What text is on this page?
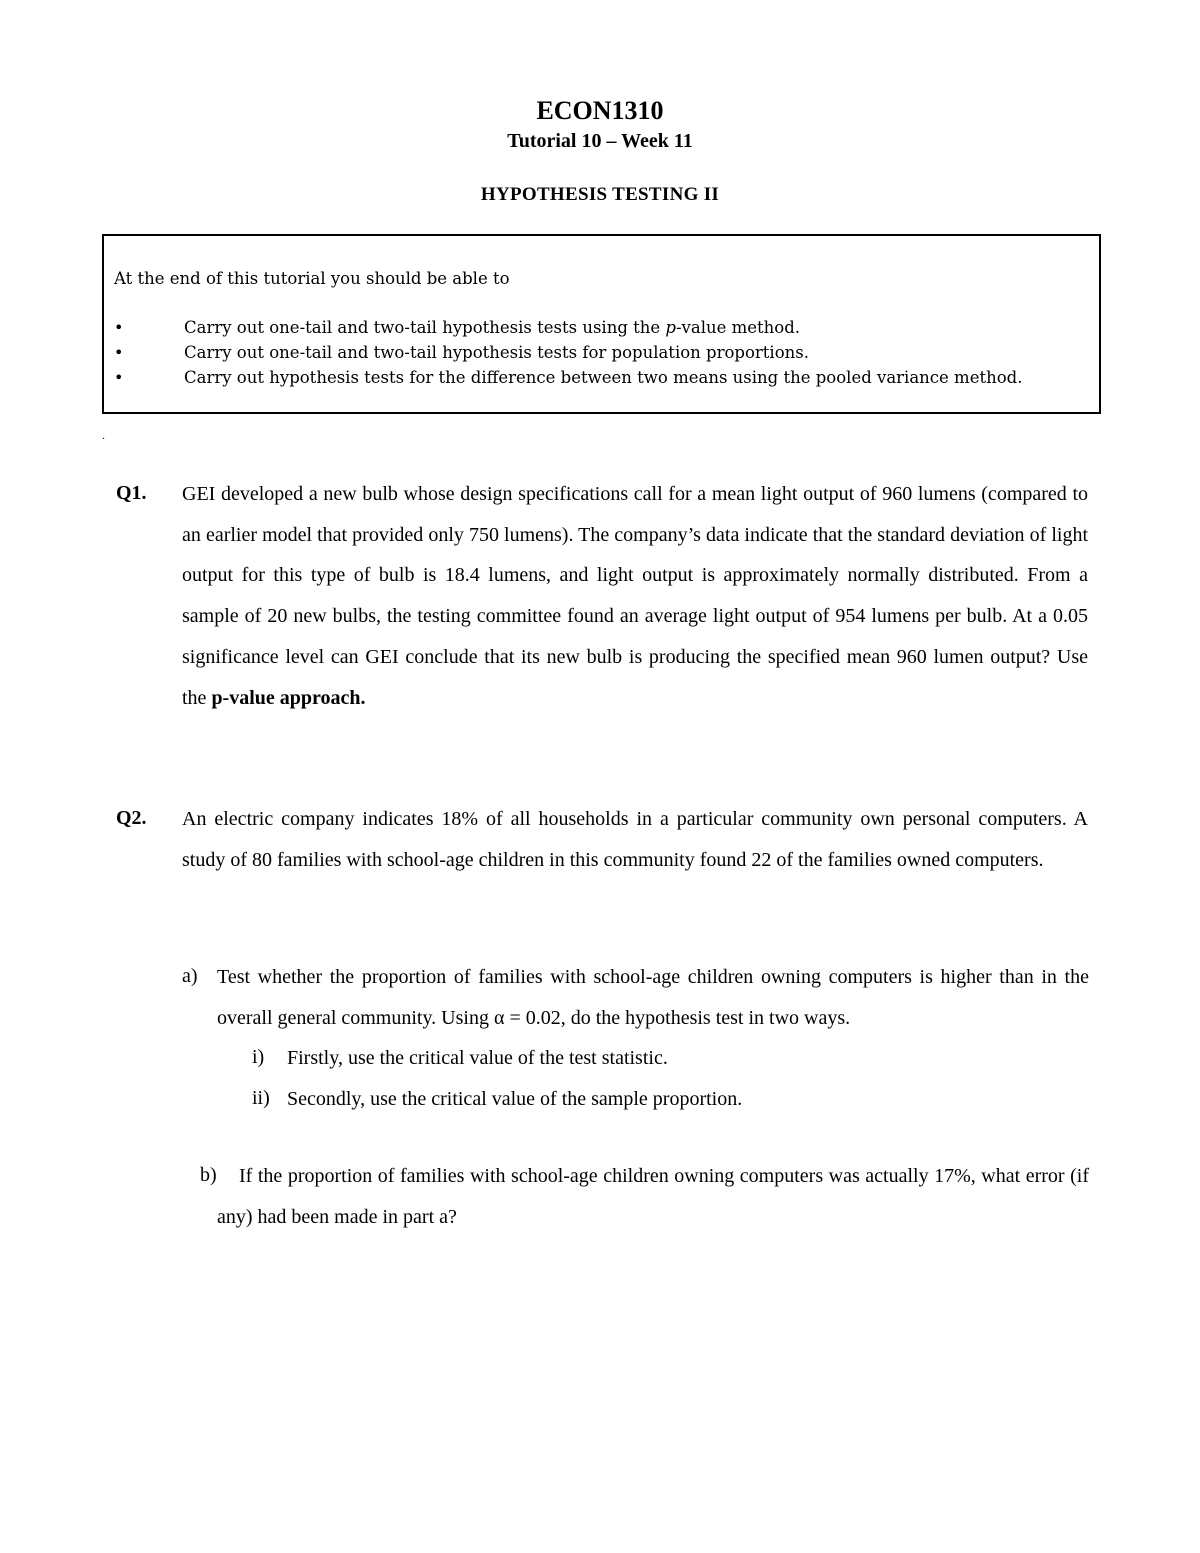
ECON1310
Tutorial 10 – Week 11
HYPOTHESIS TESTING II
At the end of this tutorial you should be able to
•	Carry out one-tail and two-tail hypothesis tests using the p-value method.
•	Carry out one-tail and two-tail hypothesis tests for population proportions.
•	Carry out hypothesis tests for the difference between two means using the pooled variance method.
.
Q1. GEI developed a new bulb whose design specifications call for a mean light output of 960 lumens (compared to an earlier model that provided only 750 lumens). The company’s data indicate that the standard deviation of light output for this type of bulb is 18.4 lumens, and light output is approximately normally distributed. From a sample of 20 new bulbs, the testing committee found an average light output of 954 lumens per bulb. At a 0.05 significance level can GEI conclude that its new bulb is producing the specified mean 960 lumen output? Use the p-value approach.
Q2. An electric company indicates 18% of all households in a particular community own personal computers. A study of 80 families with school-age children in this community found 22 of the families owned computers.
a) Test whether the proportion of families with school-age children owning computers is higher than in the overall general community. Using α = 0.02, do the hypothesis test in two ways.
i) Firstly, use the critical value of the test statistic.
ii) Secondly, use the critical value of the sample proportion.
b)	If the proportion of families with school-age children owning computers was actually 17%, what error (if any) had been made in part a?
